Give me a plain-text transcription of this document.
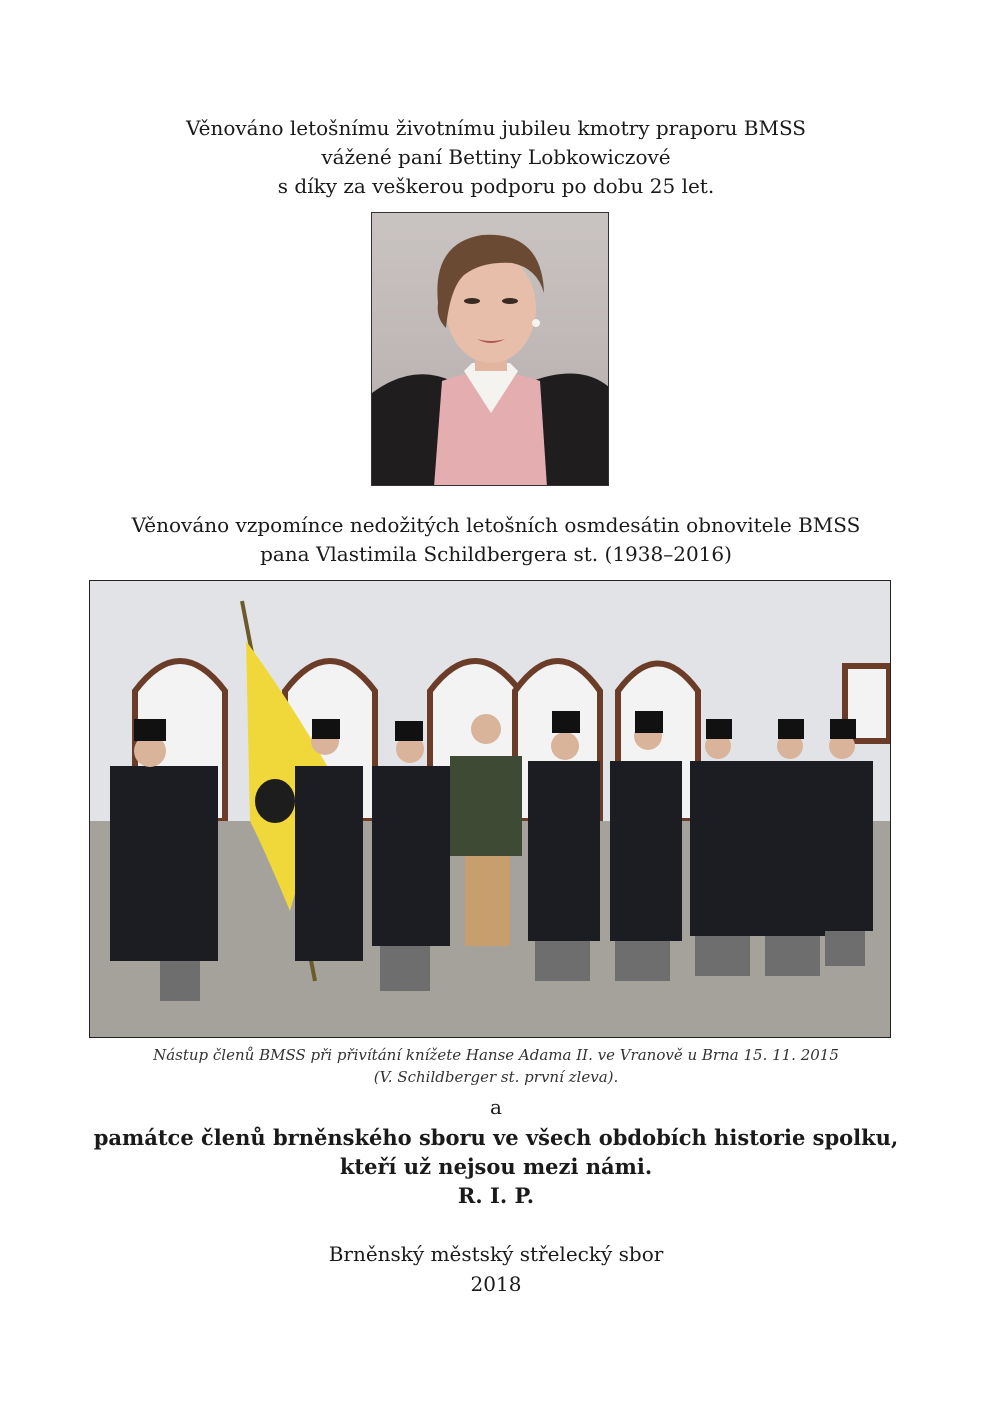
Věnováno letošnímu životnímu jubileu kmotry praporu BMSS
vážené paní Bettiny Lobkowiczové
s díky za veškerou podporu po dobu 25 let.
Věnováno vzpomínce nedožitých letošních osmdesátin obnovitele BMSS
pana Vlastimila Schildbergera st. (1938–2016)
Nástup členů BMSS při přivítání knížete Hanse Adama II. ve Vranově u Brna 15. 11. 2015
(V. Schildberger st. první zleva).
a
památce členů brněnského sboru ve všech obdobích historie spolku,
kteří už nejsou mezi námi.
R. I. P.
Brněnský městský střelecký sbor
2018
